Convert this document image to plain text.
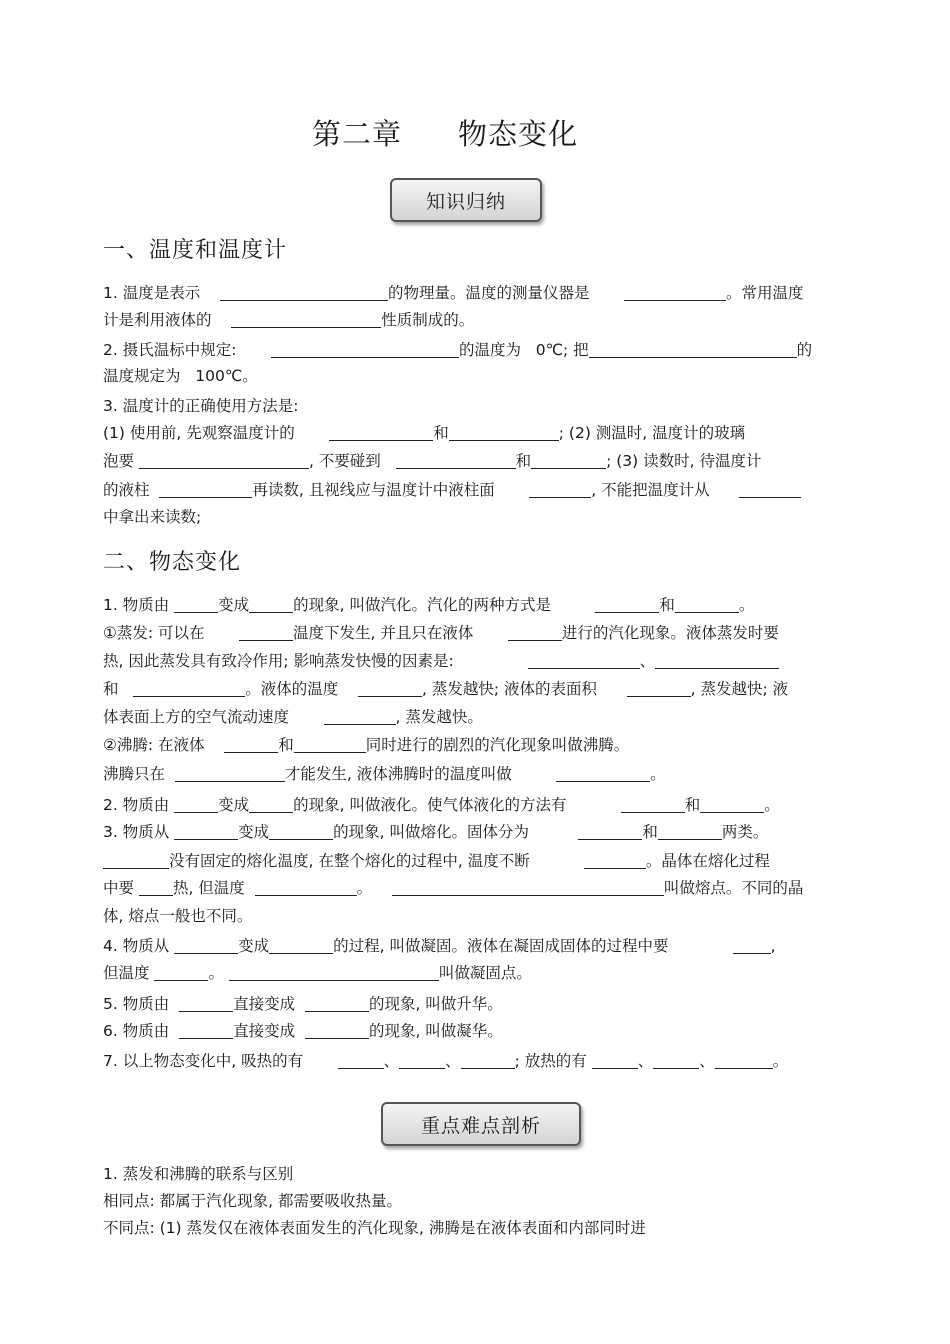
第二章 物态变化
知识归纳
一、温度和温度计
1. 温度是表示	的物理量。温度的测量仪器是	。常用温度
计是利用液体的	性质制成的。
2. 摄氏温标中规定:	的温度为 0℃; 把	的
温度规定为 100℃。
3. 温度计的正确使用方法是:
(1) 使用前, 先观察温度计的	和	; (2) 测温时, 温度计的玻璃
泡要	, 不要碰到	和	; (3) 读数时, 待温度计
的液柱	再读数, 且视线应与温度计中液柱面	, 不能把温度计从
中拿出来读数;
二、物态变化
1. 物质由	变成	的现象, 叫做汽化。汽化的两种方式是	和	。
①蒸发: 可以在	温度下发生, 并且只在液体	进行的汽化现象。液体蒸发时要
热, 因此蒸发具有致冷作用; 影响蒸发快慢的因素是:	、
和	。液体的温度	, 蒸发越快; 液体的表面积	, 蒸发越快; 液
体表面上方的空气流动速度	, 蒸发越快。
②沸腾: 在液体	和	同时进行的剧烈的汽化现象叫做沸腾。
沸腾只在	才能发生, 液体沸腾时的温度叫做	。
2. 物质由	变成	的现象, 叫做液化。使气体液化的方法有	和	。
3. 物质从	变成	的现象, 叫做熔化。固体分为	和	两类。
没有固定的熔化温度, 在整个熔化的过程中, 温度不断	。晶体在熔化过程
中要	热, 但温度	。	叫做熔点。不同的晶
体, 熔点一般也不同。
4. 物质从	变成	的过程, 叫做凝固。液体在凝固成固体的过程中要	,
但温度	。	叫做凝固点。
5. 物质由	直接变成	的现象, 叫做升华。
6. 物质由	直接变成	的现象, 叫做凝华。
7. 以上物态变化中, 吸热的有	、	、	; 放热的有	、	、	。
重点难点剖析
1. 蒸发和沸腾的联系与区别
相同点: 都属于汽化现象, 都需要吸收热量。
不同点: (1) 蒸发仅在液体表面发生的汽化现象, 沸腾是在液体表面和内部同时进
